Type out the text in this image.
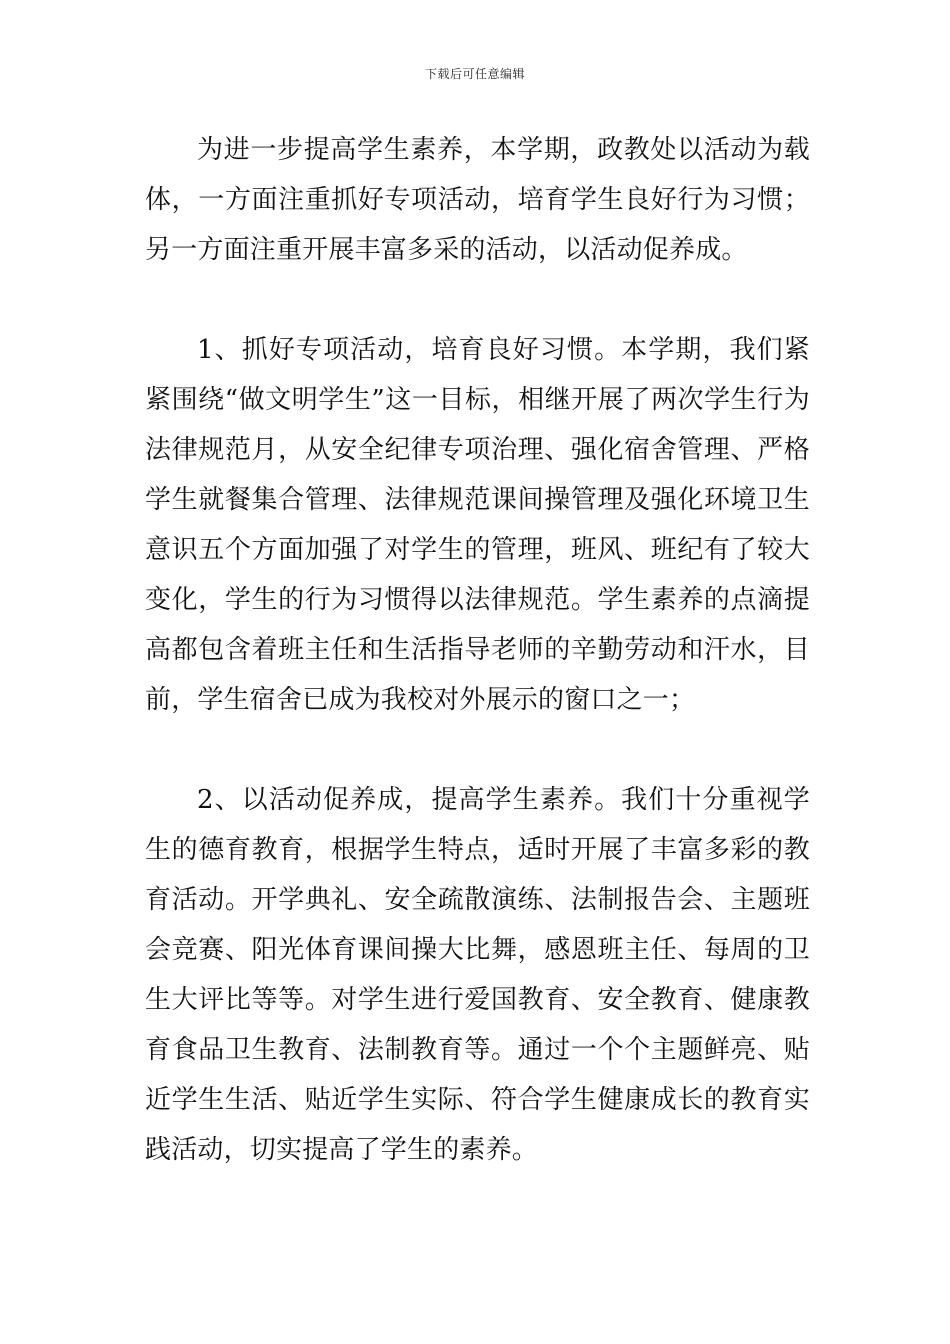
下载后可任意编辑

为进一步提高学生素养，本学期，政教处以活动为载体，一方面注重抓好专项活动，培育学生良好行为习惯；另一方面注重开展丰富多采的活动，以活动促养成。

1、抓好专项活动，培育良好习惯。本学期，我们紧紧围绕“做文明学生”这一目标，相继开展了两次学生行为法律规范月，从安全纪律专项治理、强化宿舍管理、严格学生就餐集合管理、法律规范课间操管理及强化环境卫生意识五个方面加强了对学生的管理，班风、班纪有了较大变化，学生的行为习惯得以法律规范。学生素养的点滴提高都包含着班主任和生活指导老师的辛勤劳动和汗水，目前，学生宿舍已成为我校对外展示的窗口之一；

2、以活动促养成，提高学生素养。我们十分重视学生的德育教育，根据学生特点，适时开展了丰富多彩的教育活动。开学典礼、安全疏散演练、法制报告会、主题班会竞赛、阳光体育课间操大比舞，感恩班主任、每周的卫生大评比等等。对学生进行爱国教育、安全教育、健康教育食品卫生教育、法制教育等。通过一个个主题鲜亮、贴近学生生活、贴近学生实际、符合学生健康成长的教育实践活动，切实提高了学生的素养。
